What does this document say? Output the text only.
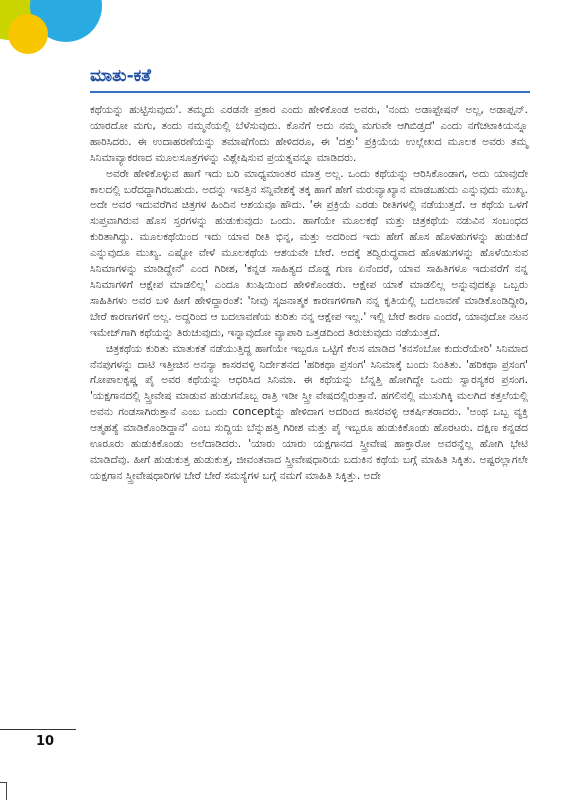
ಮಾತು-ಕತೆ

ಕಥೆಯನ್ನು ಹುಟ್ಟಿಸುವುದು'. ತಮ್ಮದು ಎರಡನೇ ಪ್ರಕಾರ ಎಂದು ಹೇಳಿಕೊಂಡ ಅವರು, 'ನಂದು ಅಡಾಪ್ಟೇಷನ್ ಅಲ್ಲ, ಅಡಾಪ್ಷನ್. ಯಾರದೋ ಮಗು, ತಂದು ನಮ್ಮನೆಯಲ್ಲಿ ಬೆಳೆಸುವುದು. ಕೊನೆಗೆ ಅದು ನಮ್ಮ ಮಗುವೇ ಆಗಿಬಿಡ್ತದೆ' ಎಂದು ನಗೆಚಟಾಕಿಯನ್ನೂ ಹಾರಿಸಿದರು. ಈ ಉದಾಹರಣೆಯನ್ನು ತಮಾಷೆಗೆಂದು ಹೇಳಿದರೂ, ಈ 'ದತ್ತು' ಪ್ರಕ್ರಿಯೆಯ ಉಲ್ಲೇಖದ ಮೂಲಕ ಅವರು ತಮ್ಮ ಸಿನಿಮಾವ್ಯಾಕರಣದ ಮೂಲಸೂತ್ರಗಳನ್ನು ವಿಶ್ಲೇಷಿಸುವ ಪ್ರಯತ್ನವನ್ನೂ ಮಾಡಿದರು.

ಅವರೇ ಹೇಳಿಕೊಳ್ಳುವ ಹಾಗೆ ಇದು ಬರಿ ಮಾಧ್ಯಮಾಂತರ ಮಾತ್ರ ಅಲ್ಲ. ಒಂದು ಕಥೆಯನ್ನು ಆರಿಸಿಕೊಂಡಾಗ, ಅದು ಯಾವುದೇ ಕಾಲದಲ್ಲಿ ಬರೆದದ್ದಾಗಿರಬಹುದು. ಅದನ್ನು ಇವತ್ತಿನ ಸನ್ನಿವೇಶಕ್ಕೆ ತಕ್ಕ ಹಾಗೆ ಹೇಗೆ ಮರುವ್ಯಾಖ್ಯಾನ ಮಾಡಬಹುದು ಎನ್ನುವುದು ಮುಖ್ಯ. ಅದೇ ಅವರ ಇದುವರೆಗಿನ ಚಿತ್ರಗಳ ಹಿಂದಿನ ಆಶಯವೂ ಹೌದು. 'ಈ ಪ್ರಕ್ರಿಯೆ ಎರಡು ರೀತಿಗಳಲ್ಲಿ ನಡೆಯುತ್ತದೆ. ಆ ಕಥೆಯ ಒಳಗೆ ಸುಪ್ತವಾಗಿರುವ ಹೊಸ ಸ್ತರಗಳನ್ನು ಹುಡುಕುವುದು ಒಂದು. ಹಾಗೆಯೇ ಮೂಲಕಥೆ ಮತ್ತು ಚಿತ್ರಕಥೆಯ ನಡುವಿನ ಸಂಬಂಧದ ಕುರಿತಾಗಿದ್ದು. ಮೂಲಕಥೆಯಿಂದ ಇದು ಯಾವ ರೀತಿ ಭಿನ್ನ, ಮತ್ತು ಅದರಿಂದ ಇದು ಹೇಗೆ ಹೊಸ ಹೊಳಹುಗಳನ್ನು ಹುಡುಕಿದೆ ಎನ್ನುವುದೂ ಮುಖ್ಯ. ಎಷ್ಟೋ ವೇಳೆ ಮೂಲಕಥೆಯ ಆಶಯವೇ ಬೇರೆ. ಅದಕ್ಕೆ ತದ್ವಿರುದ್ಧವಾದ ಹೊಳಹುಗಳನ್ನು ಹೊಳೆಯಿಸುವ ಸಿನಿಮಾಗಳನ್ನು ಮಾಡಿದ್ದೇನೆ' ಎಂದ ಗಿರೀಶ, 'ಕನ್ನಡ ಸಾಹಿತ್ಯದ ದೊಡ್ಡ ಗುಣ ಏನೆಂದರೆ, ಯಾವ ಸಾಹಿತಿಗಳೂ ಇದುವರೆಗೆ ನನ್ನ ಸಿನಿಮಾಗಳಿಗೆ ಆಕ್ಷೇಪ ಮಾಡಲಿಲ್ಲ' ಎಂದೂ ಖುಷಿಯಿಂದ ಹೇಳಿಕೊಂಡರು. ಆಕ್ಷೇಪ ಯಾಕೆ ಮಾಡಲಿಲ್ಲ ಅನ್ನುವುದಕ್ಕೂ ಒಬ್ಬರು ಸಾಹಿತಿಗಳು ಅವರ ಬಳಿ ಹೀಗೆ ಹೇಳಿದ್ದಾರಂತೆ: 'ನೀವು ಸೃಜನಾತ್ಮಕ ಕಾರಣಗಳಿಗಾಗಿ ನನ್ನ ಕೃತಿಯಲ್ಲಿ ಬದಲಾವಣೆ ಮಾಡಿಕೊಂಡಿದ್ದೀರಿ, ಬೇರೆ ಕಾರಣಗಳಿಗೆ ಅಲ್ಲ. ಅದ್ದರಿಂದ ಆ ಬದಲಾವಣೆಯ ಕುರಿತು ನನ್ನ ಆಕ್ಷೇಪ ಇಲ್ಲ.' ಇಲ್ಲಿ ಬೇರೆ ಕಾರಣ ಎಂದರೆ, ಯಾವುದೋ ನಟನ ಇಮೇಜ್‌ಗಾಗಿ ಕಥೆಯನ್ನು ತಿರುಚುವುದು, ಇನ್ನಾವುದೋ ವ್ಯಾಪಾರಿ ಒತ್ತಡದಿಂದ ತಿರುಚುವುದು ನಡೆಯುತ್ತದೆ.

ಚಿತ್ರಕಥೆಯ ಕುರಿತು ಮಾತುಕತೆ ನಡೆಯುತ್ತಿದ್ದ ಹಾಗೆಯೇ ಇಬ್ಬರೂ ಒಟ್ಟಿಗೆ ಕೆಲಸ ಮಾಡಿದ 'ಕನಸೆಂಬೋ ಕುದುರೆಯೇರಿ' ಸಿನಿಮಾದ ನೆನಪುಗಳನ್ನು ದಾಟಿ ಇತ್ತೀಚಿನ ಅನನ್ಯಾ ಕಾಸರವಳ್ಳಿ ನಿರ್ದೇಶನದ 'ಹರಿಕಥಾ ಪ್ರಸಂಗ' ಸಿನಿಮಾಕ್ಕೆ ಬಂದು ನಿಂತಿತು. 'ಹರಿಕಥಾ ಪ್ರಸಂಗ' ಗೋಪಾಲಕೃಷ್ಣ ಪೈ ಅವರ ಕಥೆಯನ್ನು ಆಧರಿಸಿದ ಸಿನಿಮಾ. ಈ ಕಥೆಯನ್ನು ಬೆನ್ನತ್ತಿ ಹೋಗಿದ್ದೇ ಒಂದು ಸ್ವಾರಸ್ಯಕರ ಪ್ರಸಂಗ. 'ಯಕ್ಷಗಾನದಲ್ಲಿ ಸ್ತ್ರೀವೇಷ ಮಾಡುವ ಹುಡುಗನೊಬ್ಬ ರಾತ್ರಿ ಇಡೀ ಸ್ತ್ರೀ ವೇಷದಲ್ಲಿರುತ್ತಾನೆ. ಹಗಲಿನಲ್ಲಿ ಮುಸುಗಿಕ್ಕಿ ಮಲಗಿದ ಕತ್ತಲೆಯಲ್ಲಿ ಅವನು ಗಂಡಸಾಗಿರುತ್ತಾನೆ ಎಂಬ ಒಂದು conceptನ್ನು ಹೇಳಿದಾಗ ಅದರಿಂದ ಕಾಸರವಳ್ಳಿ ಆಕರ್ಷಿತರಾದರು. 'ಅಂಥ ಒಬ್ಬ ವ್ಯಕ್ತಿ ಆತ್ಮಹತ್ಯೆ ಮಾಡಿಕೊಂಡಿದ್ದಾನೆ' ಎಂಬ ಸುದ್ದಿಯ ಬೆನ್ನುಹತ್ತಿ ಗಿರೀಶ ಮತ್ತು ಪೈ ಇಬ್ಬರೂ ಹುಡುಕಿಕೊಂಡು ಹೊರಟರು. ದಕ್ಷಿಣ ಕನ್ನಡದ ಊರೂರು ಹುಡುಕಿಕೊಂಡು ಅಲೆದಾಡಿದರು. 'ಯಾರು ಯಾರು ಯಕ್ಷಗಾನದ ಸ್ತ್ರೀವೇಷ ಹಾಕ್ತಾರೋ ಅವರನ್ನೆಲ್ಲ ಹೋಗಿ ಭೇಟಿ ಮಾಡಿದೆವು. ಹೀಗೆ ಹುಡುಕುತ್ತ ಹುಡುಕುತ್ತ, ಜೀವಂತವಾದ ಸ್ತ್ರೀವೇಷಧಾರಿಯ ಬದುಕಿನ ಕಥೆಯ ಬಗ್ಗೆ ಮಾಹಿತಿ ಸಿಕ್ಕಿತು. ಅಷ್ಟರಲ್ಲಾಗಲೇ ಯಕ್ಷಗಾನ ಸ್ತ್ರೀವೇಷಧಾರಿಗಳ ಬೇರೆ ಬೇರೆ ಸಮಸ್ಯೆಗಳ ಬಗ್ಗೆ ನಮಗೆ ಮಾಹಿತಿ ಸಿಕ್ಕಿತ್ತು. ಅದೇ

10
